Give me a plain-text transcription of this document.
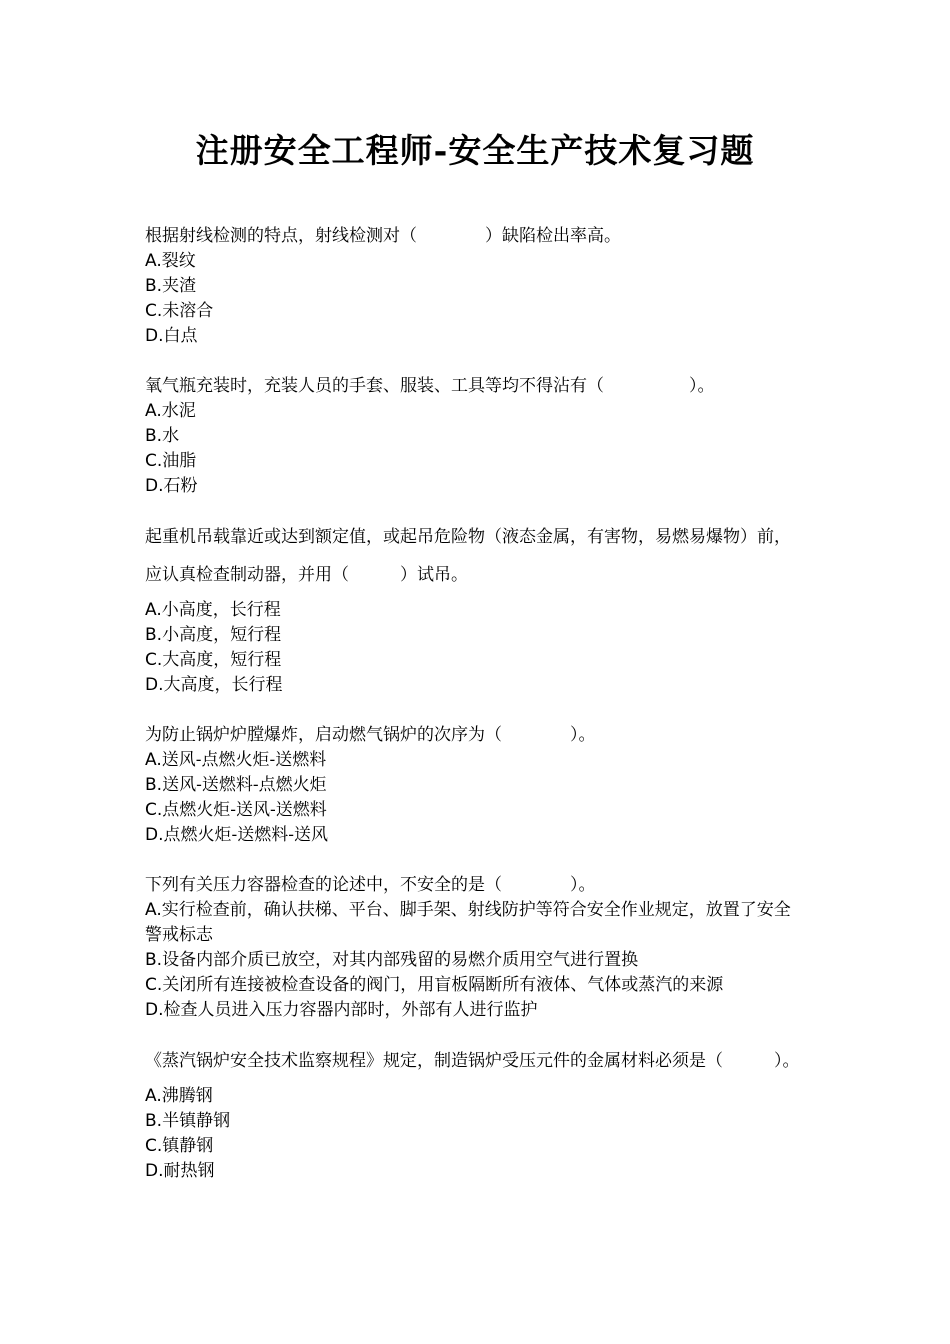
注册安全工程师-安全生产技术复习题

根据射线检测的特点，射线检测对（　　　　）缺陷检出率高。

A.裂纹

B.夹渣

C.未溶合

D.白点

氧气瓶充装时，充装人员的手套、服装、工具等均不得沾有（　　　　　）。

A.水泥

B.水

C.油脂

D.石粉

起重机吊载靠近或达到额定值，或起吊危险物（液态金属，有害物，易燃易爆物）前，应认真检查制动器，并用（　　　）试吊。

A.小高度，长行程

B.小高度，短行程

C.大高度，短行程

D.大高度，长行程

为防止锅炉炉膛爆炸，启动燃气锅炉的次序为（　　　　）。

A.送风-点燃火炬-送燃料

B.送风-送燃料-点燃火炬

C.点燃火炬-送风-送燃料

D.点燃火炬-送燃料-送风

下列有关压力容器检查的论述中，不安全的是（　　　　）。

A.实行检查前，确认扶梯、平台、脚手架、射线防护等符合安全作业规定，放置了安全警戒标志

B.设备内部介质已放空，对其内部残留的易燃介质用空气进行置换

C.关闭所有连接被检查设备的阀门，用盲板隔断所有液体、气体或蒸汽的来源

D.检查人员进入压力容器内部时，外部有人进行监护

《蒸汽锅炉安全技术监察规程》规定，制造锅炉受压元件的金属材料必须是（　　　）。

A.沸腾钢

B.半镇静钢

C.镇静钢

D.耐热钢
